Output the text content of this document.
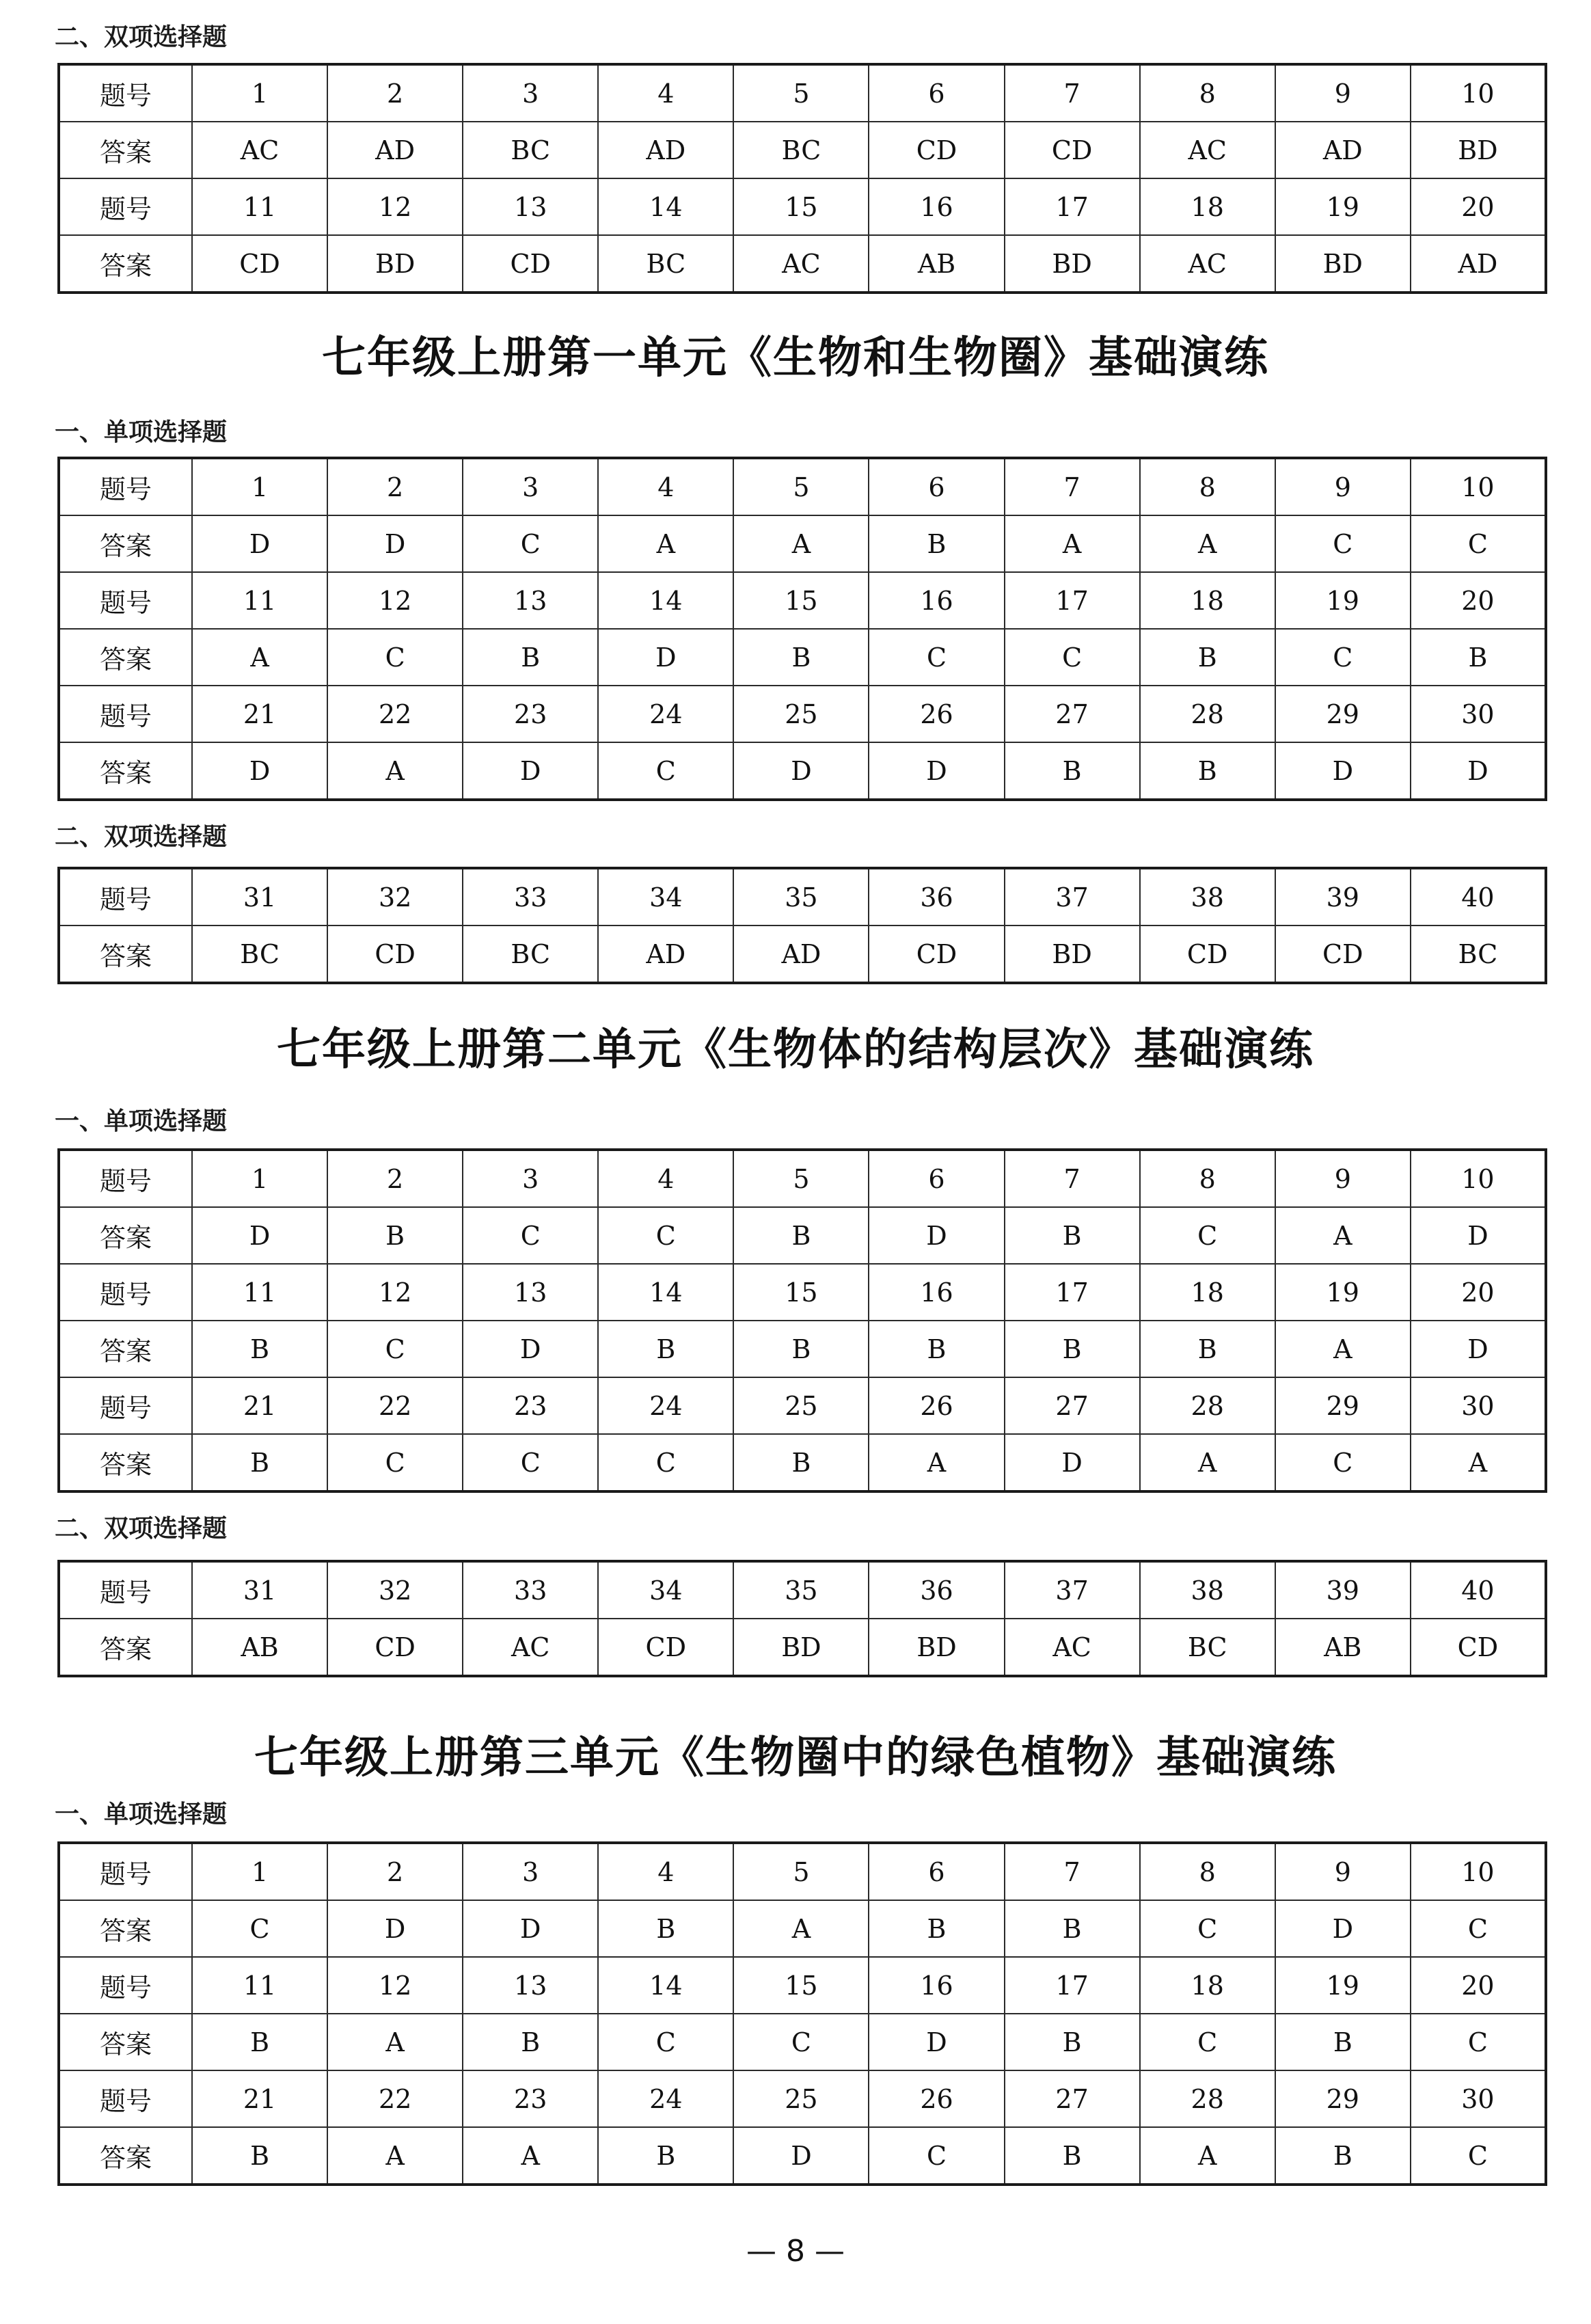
二、双项选择题
题号	1	2	3	4	5	6	7	8	9	10
答案	AC	AD	BC	AD	BC	CD	CD	AC	AD	BD
题号	11	12	13	14	15	16	17	18	19	20
答案	CD	BD	CD	BC	AC	AB	BD	AC	BD	AD
七年级上册第一单元《生物和生物圈》基础演练
一、单项选择题
题号	1	2	3	4	5	6	7	8	9	10
答案	D	D	C	A	A	B	A	A	C	C
题号	11	12	13	14	15	16	17	18	19	20
答案	A	C	B	D	B	C	C	B	C	B
题号	21	22	23	24	25	26	27	28	29	30
答案	D	A	D	C	D	D	B	B	D	D
二、双项选择题
题号	31	32	33	34	35	36	37	38	39	40
答案	BC	CD	BC	AD	AD	CD	BD	CD	CD	BC
七年级上册第二单元《生物体的结构层次》基础演练
一、单项选择题
题号	1	2	3	4	5	6	7	8	9	10
答案	D	B	C	C	B	D	B	C	A	D
题号	11	12	13	14	15	16	17	18	19	20
答案	B	C	D	B	B	B	B	B	A	D
题号	21	22	23	24	25	26	27	28	29	30
答案	B	C	C	C	B	A	D	A	C	A
二、双项选择题
题号	31	32	33	34	35	36	37	38	39	40
答案	AB	CD	AC	CD	BD	BD	AC	BC	AB	CD
七年级上册第三单元《生物圈中的绿色植物》基础演练
一、单项选择题
题号	1	2	3	4	5	6	7	8	9	10
答案	C	D	D	B	A	B	B	C	D	C
题号	11	12	13	14	15	16	17	18	19	20
答案	B	A	B	C	C	D	B	C	B	C
题号	21	22	23	24	25	26	27	28	29	30
答案	B	A	A	B	D	C	B	A	B	C
— 8 —
